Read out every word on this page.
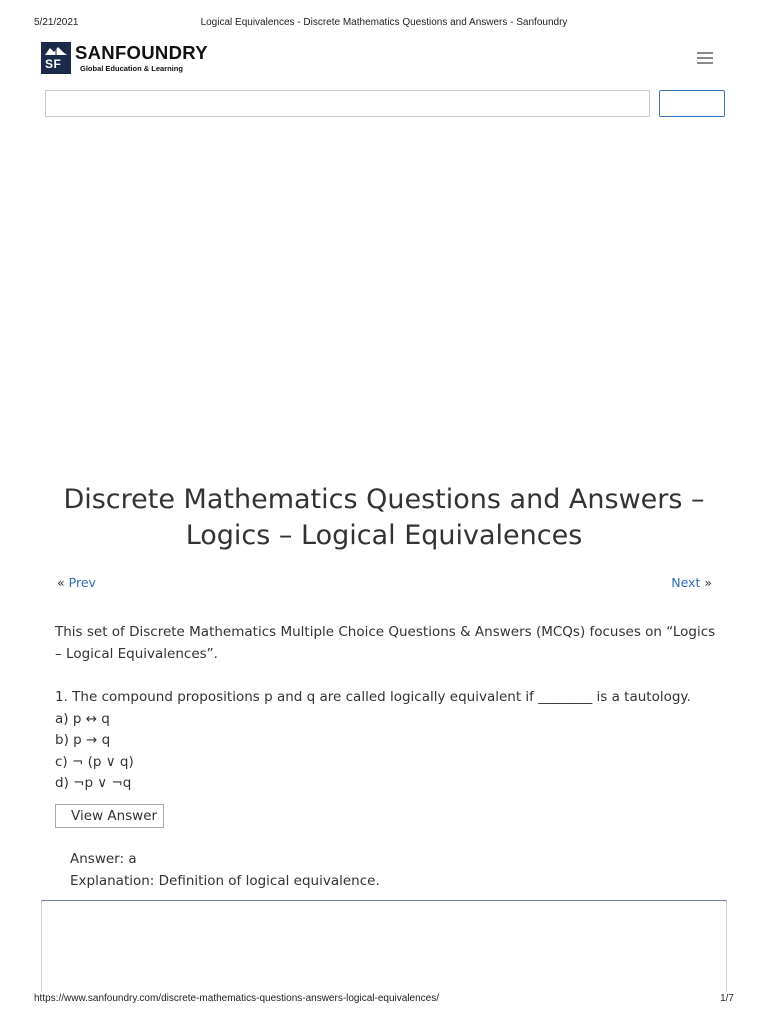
5/21/2021	Logical Equivalences - Discrete Mathematics Questions and Answers - Sanfoundry
SF
SANFOUNDRY
Global Education & Learning
Discrete Mathematics Questions and Answers – Logics – Logical Equivalences
« Prev	Next »
This set of Discrete Mathematics Multiple Choice Questions & Answers (MCQs) focuses on “Logics – Logical Equivalences”.

1. The compound propositions p and q are called logically equivalent if ________ is a tautology.

a) p ↔ q

b) p → q

c) ¬ (p ∨ q)

d) ¬p ∨ ¬q

View Answer
Answer: a
Explanation: Definition of logical equivalence.
https://www.sanfoundry.com/discrete-mathematics-questions-answers-logical-equivalences/	1/7
